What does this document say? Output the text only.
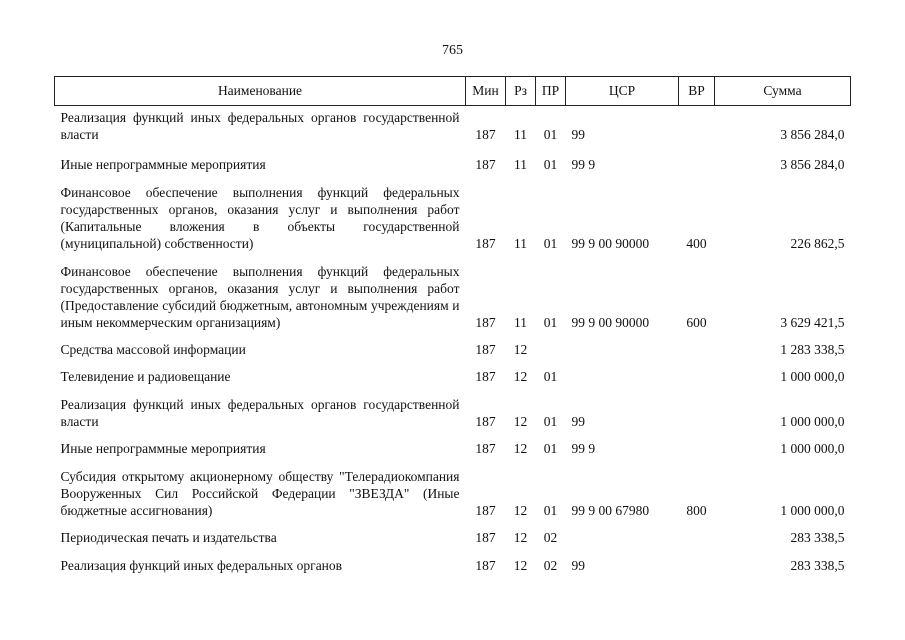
765
Наименование	Мин	Рз	ПР	ЦСР	ВР	Сумма
Реализация функций иных федеральных органов государственной власти	187	11	01	99		3 856 284,0
Иные непрограммные мероприятия	187	11	01	99 9		3 856 284,0
Финансовое обеспечение выполнения функций федеральных государственных органов, оказания услуг и выполнения работ (Капитальные вложения в объекты государственной (муниципальной) собственности)	187	11	01	99 9 00 90000	400	226 862,5
Финансовое обеспечение выполнения функций федеральных государственных органов, оказания услуг и выполнения работ (Предоставление субсидий бюджетным, автономным учреждениям и иным некоммерческим организациям)	187	11	01	99 9 00 90000	600	3 629 421,5
Средства массовой информации	187	12				1 283 338,5
Телевидение и радиовещание	187	12	01			1 000 000,0
Реализация функций иных федеральных органов государственной власти	187	12	01	99		1 000 000,0
Иные непрограммные мероприятия	187	12	01	99 9		1 000 000,0
Субсидия открытому акционерному обществу "Телерадиокомпания Вооруженных Сил Российской Федерации "ЗВЕЗДА" (Иные бюджетные ассигнования)	187	12	01	99 9 00 67980	800	1 000 000,0
Периодическая печать и издательства	187	12	02			283 338,5
Реализация функций иных федеральных органов	187	12	02	99		283 338,5
